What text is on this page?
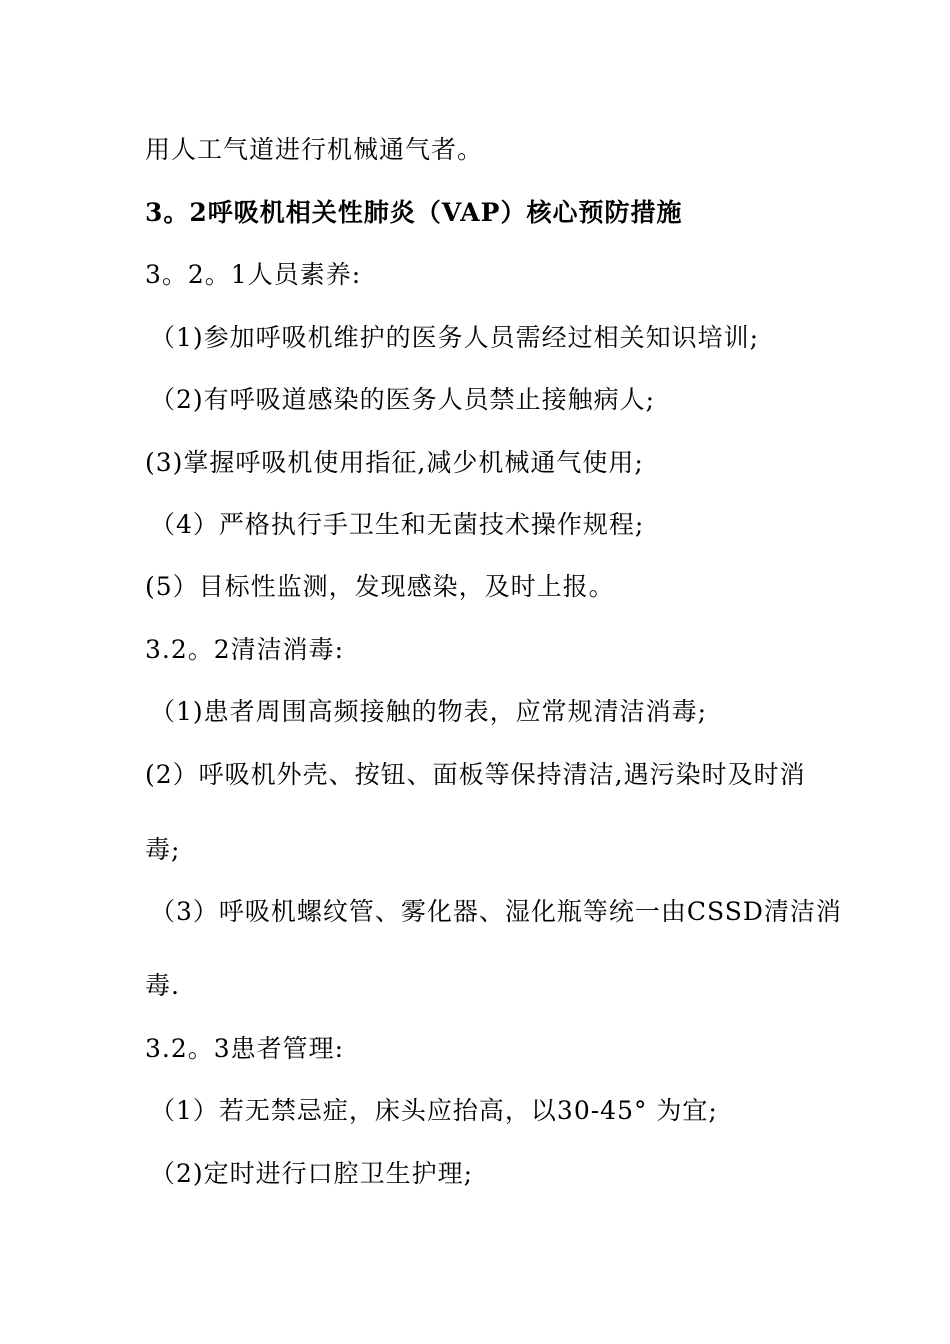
用人工气道进行机械通气者。
3。2呼吸机相关性肺炎（VAP）核心预防措施
3。2。1人员素养:
（1)参加呼吸机维护的医务人员需经过相关知识培训;
（2)有呼吸道感染的医务人员禁止接触病人;
(3)掌握呼吸机使用指征,减少机械通气使用;
（4）严格执行手卫生和无菌技术操作规程;
(5）目标性监测，发现感染，及时上报。
3.2。2清洁消毒:
（1)患者周围高频接触的物表，应常规清洁消毒;
(2）呼吸机外壳、按钮、面板等保持清洁,遇污染时及时消
毒;
（3）呼吸机螺纹管、雾化器、湿化瓶等统一由CSSD清洁消
毒.
3.2。3患者管理:
（1）若无禁忌症，床头应抬高，以30-45° 为宜;
（2)定时进行口腔卫生护理;
